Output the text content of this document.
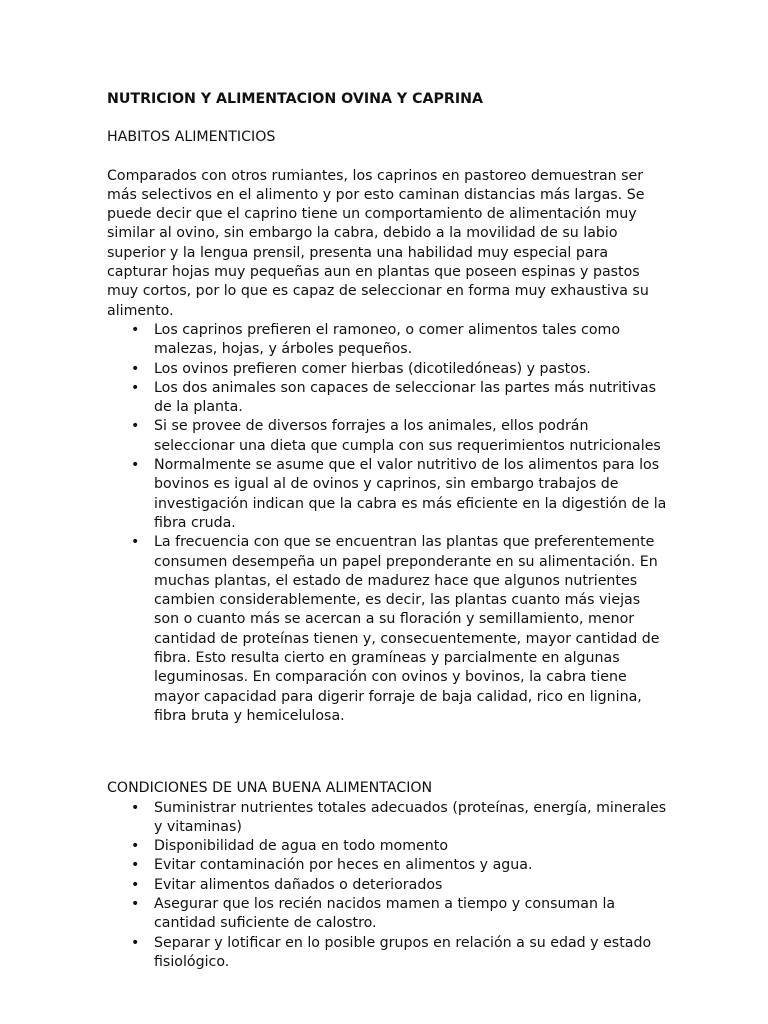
NUTRICION Y ALIMENTACION OVINA Y CAPRINA

HABITOS ALIMENTICIOS

Comparados con otros rumiantes, los caprinos en pastoreo demuestran ser más selectivos en el alimento y por esto caminan distancias más largas. Se puede decir que el caprino tiene un comportamiento de alimentación muy similar al ovino, sin embargo la cabra, debido a la movilidad de su labio superior y la lengua prensil, presenta una habilidad muy especial para capturar hojas muy pequeñas aun en plantas que poseen espinas y pastos muy cortos, por lo que es capaz de seleccionar en forma muy exhaustiva su alimento.

• Los caprinos prefieren el ramoneo, o comer alimentos tales como malezas, hojas, y árboles pequeños.
• Los ovinos prefieren comer hierbas (dicotiledóneas) y pastos.
• Los dos animales son capaces de seleccionar las partes más nutritivas de la planta.
• Si se provee de diversos forrajes a los animales, ellos podrán seleccionar una dieta que cumpla con sus requerimientos nutricionales
• Normalmente se asume que el valor nutritivo de los alimentos para los bovinos es igual al de ovinos y caprinos, sin embargo trabajos de investigación indican que la cabra es más eficiente en la digestión de la fibra cruda.
• La frecuencia con que se encuentran las plantas que preferentemente consumen desempeña un papel preponderante en su alimentación. En muchas plantas, el estado de madurez hace que algunos nutrientes cambien considerablemente, es decir, las plantas cuanto más viejas son o cuanto más se acercan a su floración y semillamiento, menor cantidad de proteínas tienen y, consecuentemente, mayor cantidad de fibra. Esto resulta cierto en gramíneas y parcialmente en algunas leguminosas. En comparación con ovinos y bovinos, la cabra tiene mayor capacidad para digerir forraje de baja calidad, rico en lignina, fibra bruta y hemicelulosa.

CONDICIONES DE UNA BUENA ALIMENTACION

• Suministrar nutrientes totales adecuados (proteínas, energía, minerales y vitaminas)
• Disponibilidad de agua en todo momento
• Evitar contaminación por heces en alimentos y agua.
• Evitar alimentos dañados o deteriorados
• Asegurar que los recién nacidos mamen a tiempo y consuman la cantidad suficiente de calostro.
• Separar y lotificar en lo posible grupos en relación a su edad y estado fisiológico.
